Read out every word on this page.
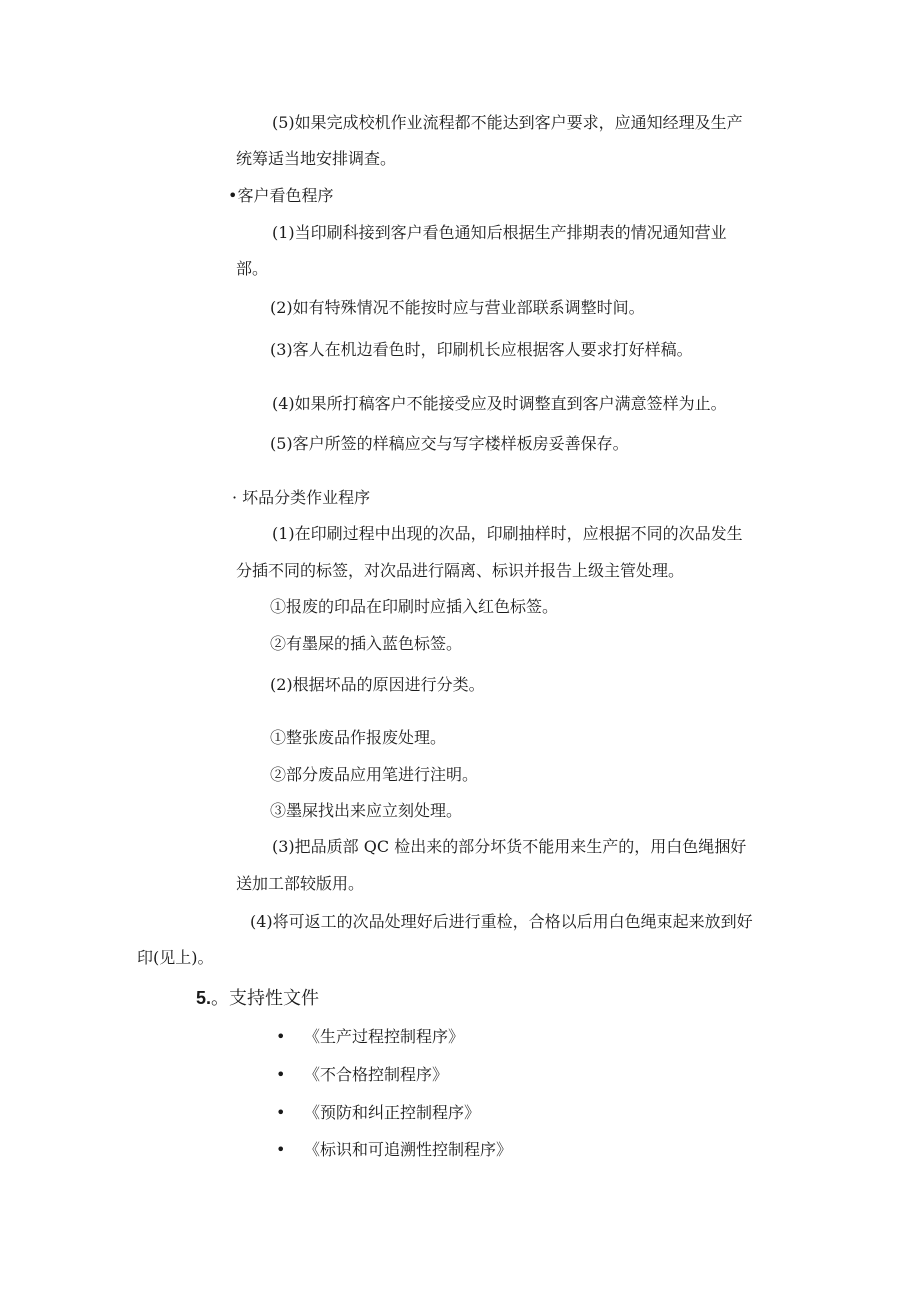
(5)如果完成校机作业流程都不能达到客户要求，应通知经理及生产
统筹适当地安排调查。
•客户看色程序
(1)当印刷科接到客户看色通知后根据生产排期表的情况通知营业
部。
(2)如有特殊情况不能按时应与营业部联系调整时间。
(3)客人在机边看色时，印刷机长应根据客人要求打好样稿。
(4)如果所打稿客户不能接受应及时调整直到客户满意签样为止。
(5)客户所签的样稿应交与写字楼样板房妥善保存。
· 坏品分类作业程序
(1)在印刷过程中出现的次品，印刷抽样时，应根据不同的次品发生
分插不同的标签，对次品进行隔离、标识并报告上级主管处理。
①报废的印品在印刷时应插入红色标签。
②有墨屎的插入蓝色标签。
(2)根据坏品的原因进行分类。
①整张废品作报废处理。
②部分废品应用笔进行注明。
③墨屎找出来应立刻处理。
(3)把品质部 QC 检出来的部分坏货不能用来生产的，用白色绳捆好
送加工部较版用。
(4)将可返工的次品处理好后进行重检，合格以后用白色绳束起来放到好
印(见上)。
5.。支持性文件
• 《生产过程控制程序》
• 《不合格控制程序》
• 《预防和纠正控制程序》
• 《标识和可追溯性控制程序》
